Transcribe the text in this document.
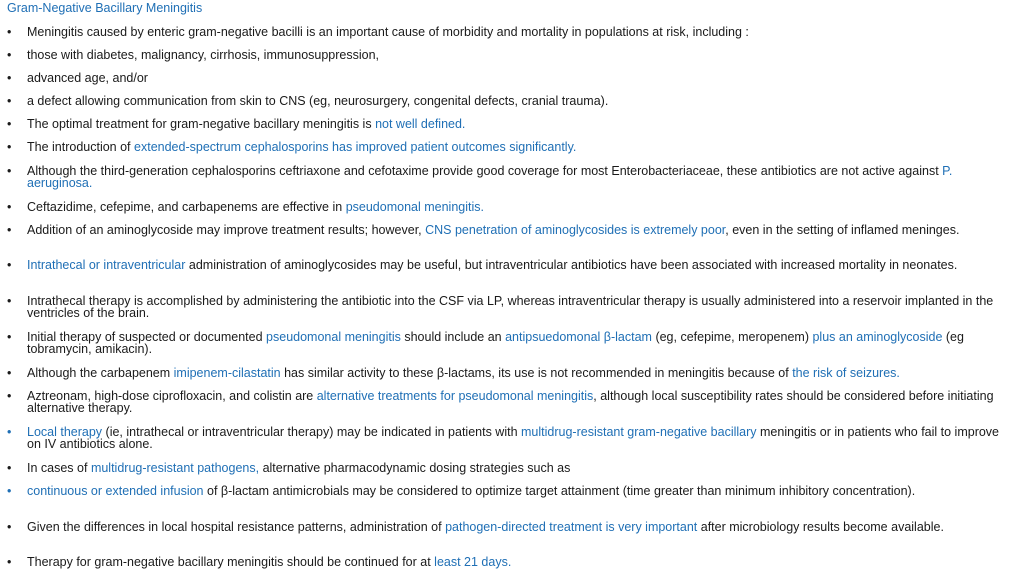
Gram-Negative Bacillary Meningitis
• Meningitis caused by enteric gram-negative bacilli is an important cause of morbidity and mortality in populations at risk, including :
• those with diabetes, malignancy, cirrhosis, immunosuppression,
• advanced age, and/or
• a defect allowing communication from skin to CNS (eg, neurosurgery, congenital defects, cranial trauma).
• The optimal treatment for gram-negative bacillary meningitis is not well defined.
• The introduction of extended-spectrum cephalosporins has improved patient outcomes significantly.
• Although the third-generation cephalosporins ceftriaxone and cefotaxime provide good coverage for most Enterobacteriaceae, these antibiotics are not active against P. aeruginosa.
• Ceftazidime, cefepime, and carbapenems are effective in pseudomonal meningitis.
• Addition of an aminoglycoside may improve treatment results; however, CNS penetration of aminoglycosides is extremely poor, even in the setting of inflamed meninges.
• Intrathecal or intraventricular administration of aminoglycosides may be useful, but intraventricular antibiotics have been associated with increased mortality in neonates.
• Intrathecal therapy is accomplished by administering the antibiotic into the CSF via LP, whereas intraventricular therapy is usually administered into a reservoir implanted in the ventricles of the brain.
• Initial therapy of suspected or documented pseudomonal meningitis should include an antipsuedomonal β-lactam (eg, cefepime, meropenem) plus an aminoglycoside (eg tobramycin, amikacin).
• Although the carbapenem imipenem-cilastatin has similar activity to these β-lactams, its use is not recommended in meningitis because of the risk of seizures.
• Aztreonam, high-dose ciprofloxacin, and colistin are alternative treatments for pseudomonal meningitis, although local susceptibility rates should be considered before initiating alternative therapy.
• Local therapy (ie, intrathecal or intraventricular therapy) may be indicated in patients with multidrug-resistant gram-negative bacillary meningitis or in patients who fail to improve on IV antibiotics alone.
• In cases of multidrug-resistant pathogens, alternative pharmacodynamic dosing strategies such as
• continuous or extended infusion of β-lactam antimicrobials may be considered to optimize target attainment (time greater than minimum inhibitory concentration).
• Given the differences in local hospital resistance patterns, administration of pathogen-directed treatment is very important after microbiology results become available.
• Therapy for gram-negative bacillary meningitis should be continued for at least 21 days.
